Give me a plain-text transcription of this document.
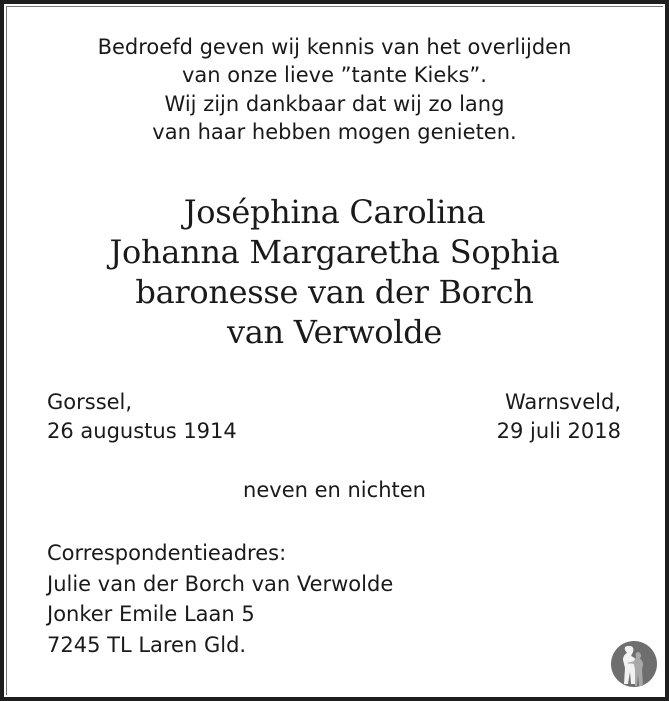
Bedroefd geven wij kennis van het overlijden
van onze lieve ”tante Kieks”.
Wij zijn dankbaar dat wij zo lang
van haar hebben mogen genieten.
Joséphina Carolina
Johanna Margaretha Sophia
baronesse van der Borch
van Verwolde
Gorssel,
26 augustus 1914
Warnsveld,
29 juli 2018
neven en nichten
Correspondentieadres:
Julie van der Borch van Verwolde
Jonker Emile Laan 5
7245 TL Laren Gld.
